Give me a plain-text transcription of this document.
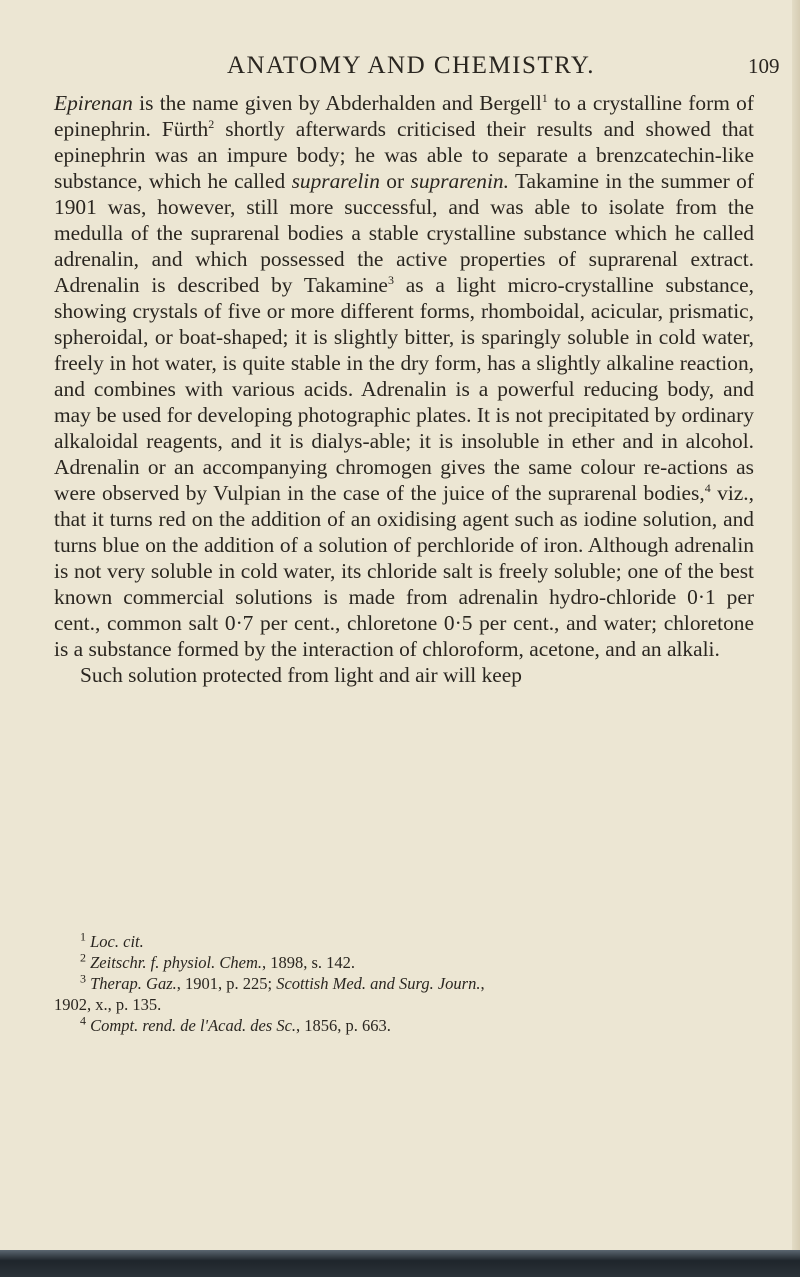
ANATOMY AND CHEMISTRY.	109

Epirenan is the name given by Abderhalden and Bergell$^1$ to a crystalline form of epinephrin. Fürth$^2$ shortly afterwards criticised their results and showed that epinephrin was an impure body; he was able to separate a brenzcatechin-like substance, which he called suprarelin or suprarenin. Takamine in the summer of 1901 was, however, still more successful, and was able to isolate from the medulla of the suprarenal bodies a stable crystalline substance which he called adrenalin, and which possessed the active properties of suprarenal extract. Adrenalin is described by Takamine$^3$ as a light micro-crystalline substance, showing crystals of five or more different forms, rhomboidal, acicular, prismatic, spheroidal, or boat-shaped; it is slightly bitter, is sparingly soluble in cold water, freely in hot water, is quite stable in the dry form, has a slightly alkaline reaction, and combines with various acids. Adrenalin is a powerful reducing body, and may be used for developing photographic plates. It is not precipitated by ordinary alkaloidal reagents, and it is dialys-able; it is insoluble in ether and in alcohol. Adrenalin or an accompanying chromogen gives the same colour re-actions as were observed by Vulpian in the case of the juice of the suprarenal bodies,$^4$ viz., that it turns red on the addition of an oxidising agent such as iodine solution, and turns blue on the addition of a solution of perchloride of iron. Although adrenalin is not very soluble in cold water, its chloride salt is freely soluble; one of the best known commercial solutions is made from adrenalin hydro-chloride 0·1 per cent., common salt 0·7 per cent., chloretone 0·5 per cent., and water; chloretone is a substance formed by the interaction of chloroform, acetone, and an alkali.

Such solution protected from light and air will keep

$^1$ Loc. cit.
$^2$ Zeitschr. f. physiol. Chem., 1898, s. 142.
$^3$ Therap. Gaz., 1901, p. 225; Scottish Med. and Surg. Journ.,
1902, x., p. 135.
$^4$ Compt. rend. de l'Acad. des Sc., 1856, p. 663.
